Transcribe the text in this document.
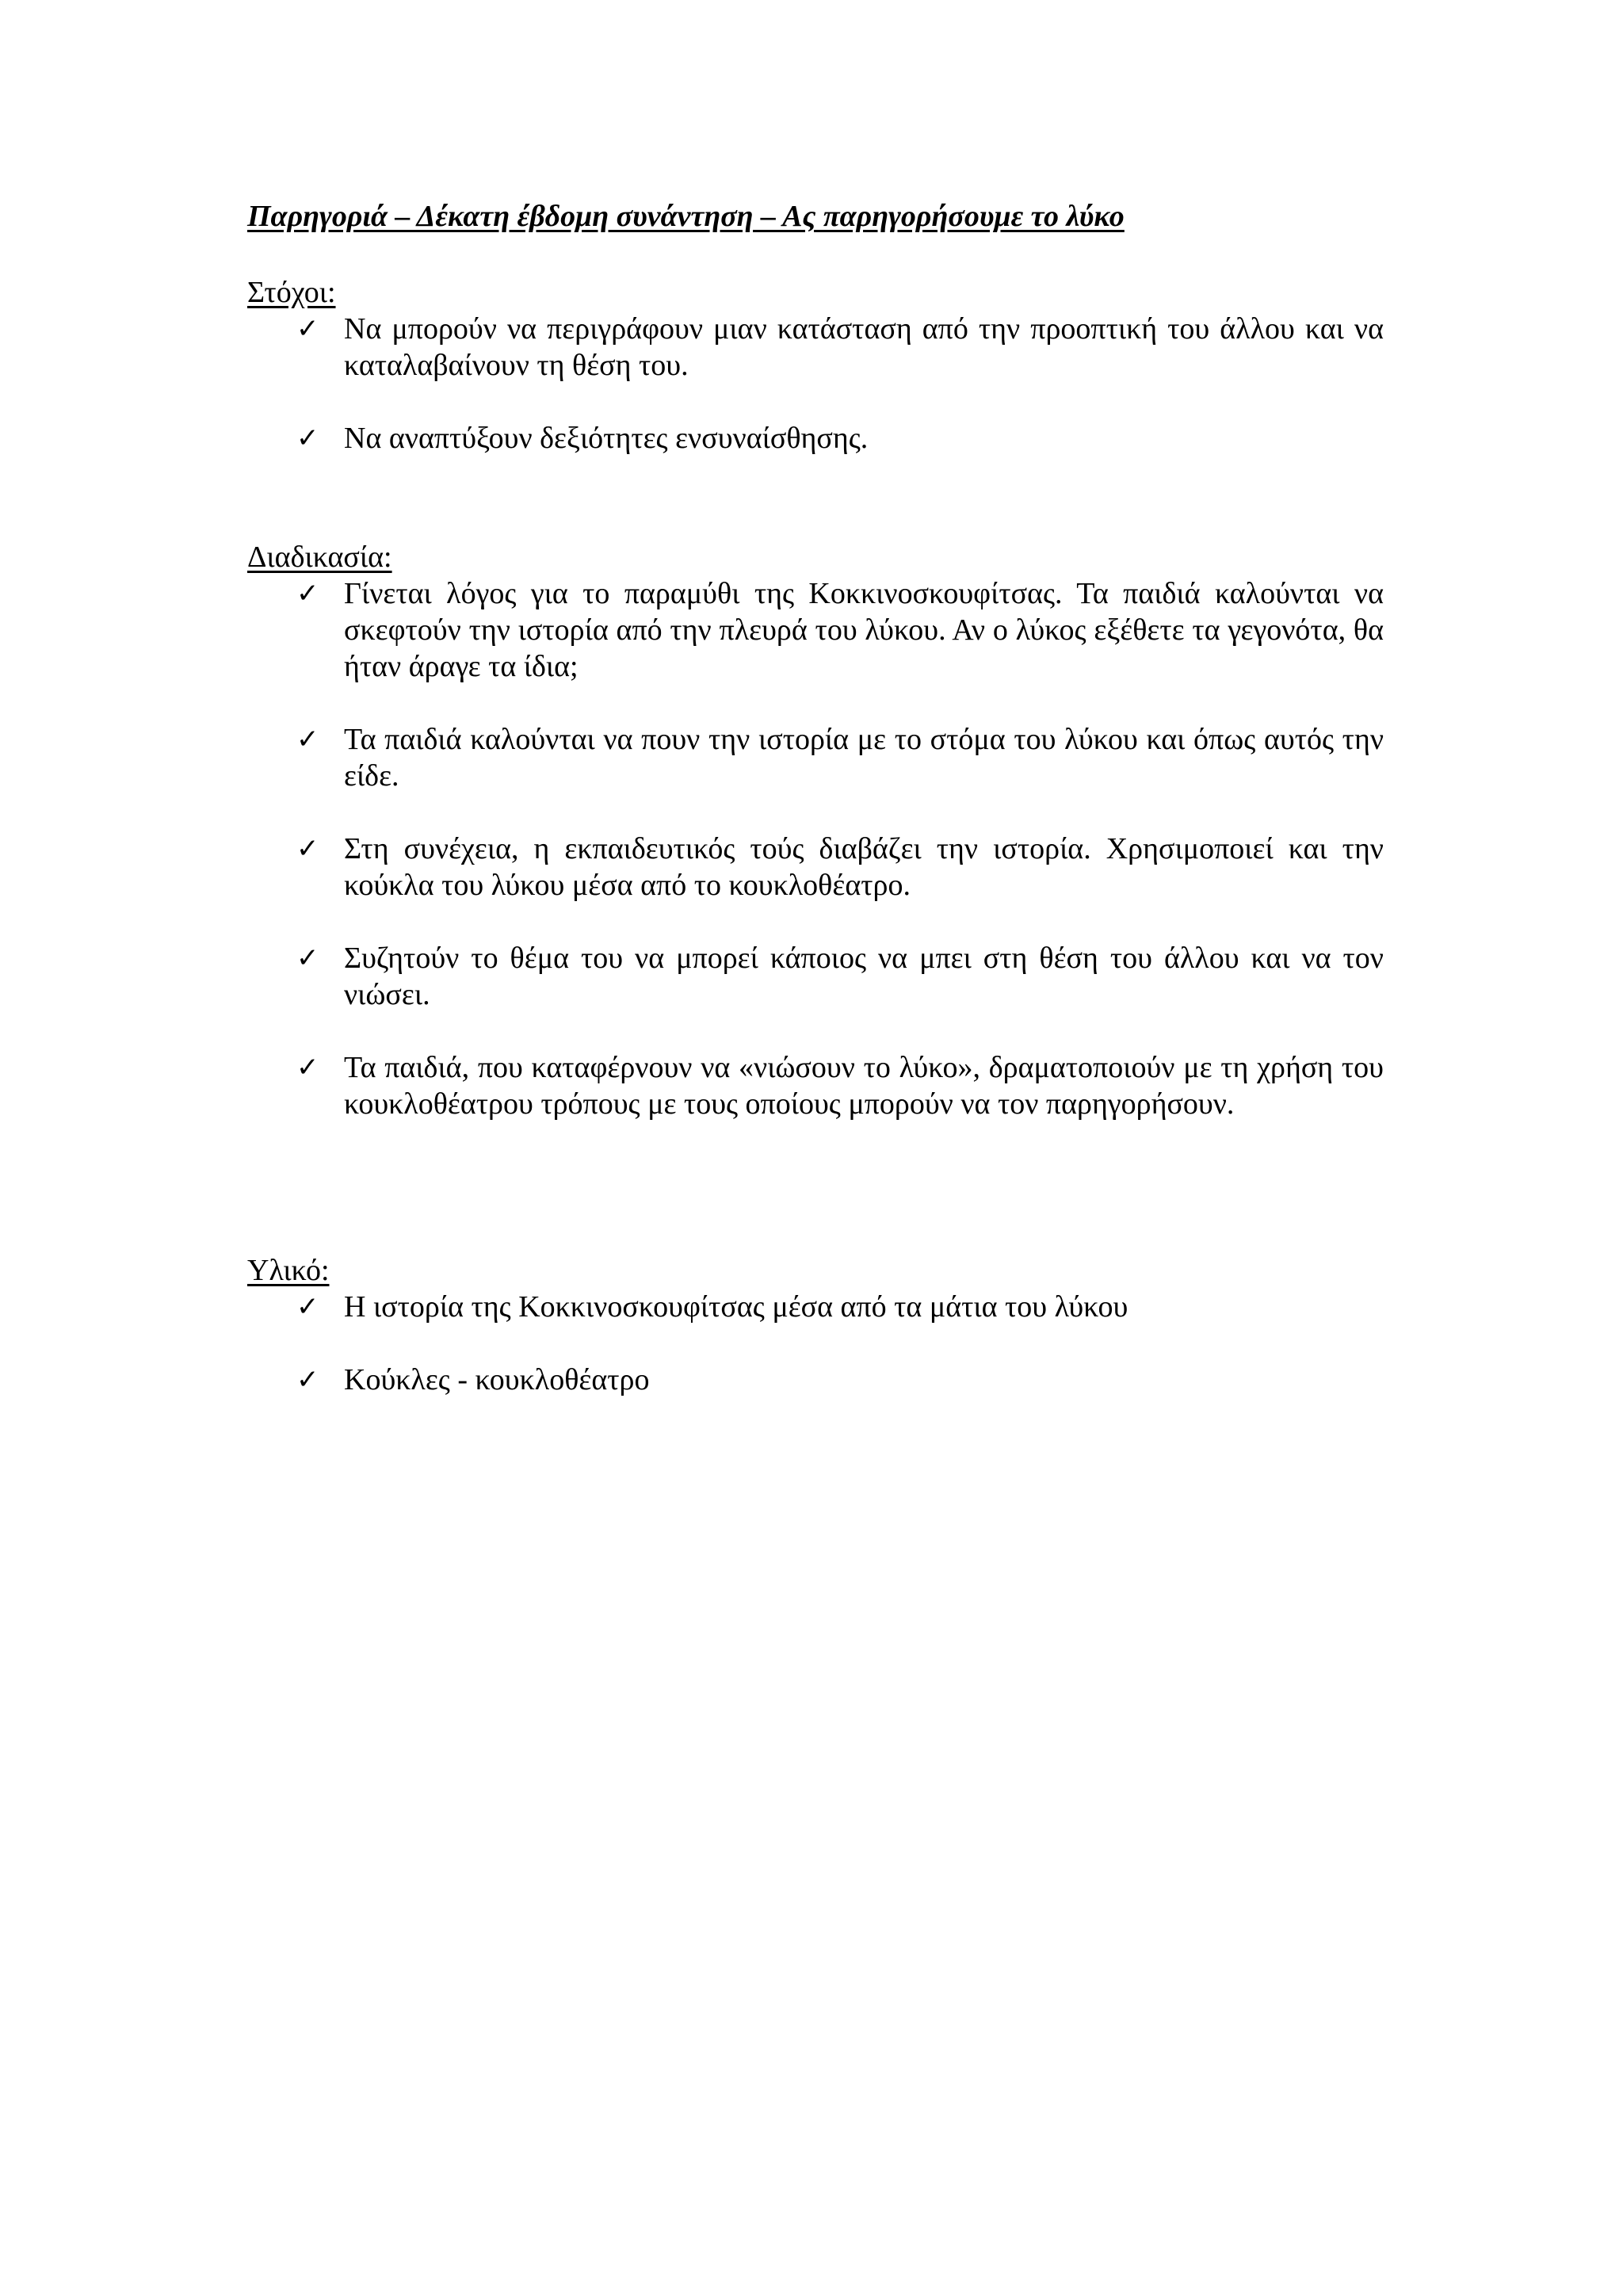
Παρηγοριά – Δέκατη έβδομη συνάντηση – Ας παρηγορήσουμε το λύκο

Στόχοι:

✓ Να μπορούν να περιγράφουν μιαν κατάσταση από την προοπτική του άλλου και να καταλαβαίνουν τη θέση του.
✓ Να αναπτύξουν δεξιότητες ενσυναίσθησης.

Διαδικασία:

✓ Γίνεται λόγος για το παραμύθι της Κοκκινοσκουφίτσας. Τα παιδιά καλούνται να σκεφτούν την ιστορία από την πλευρά του λύκου. Αν ο λύκος εξέθετε τα γεγονότα, θα ήταν άραγε τα ίδια;
✓ Τα παιδιά καλούνται να πουν την ιστορία με το στόμα του λύκου και όπως αυτός την είδε.
✓ Στη συνέχεια, η εκπαιδευτικός τούς διαβάζει την ιστορία. Χρησιμοποιεί και την κούκλα του λύκου μέσα από το κουκλοθέατρο.
✓ Συζητούν το θέμα του να μπορεί κάποιος να μπει στη θέση του άλλου και να τον νιώσει.
✓ Τα παιδιά, που καταφέρνουν να «νιώσουν το λύκο», δραματοποιούν με τη χρήση του κουκλοθέατρου τρόπους με τους οποίους μπορούν να τον παρηγορήσουν.

Υλικό:

✓ Η ιστορία της Κοκκινοσκουφίτσας μέσα από τα μάτια του λύκου
✓ Κούκλες - κουκλοθέατρο
